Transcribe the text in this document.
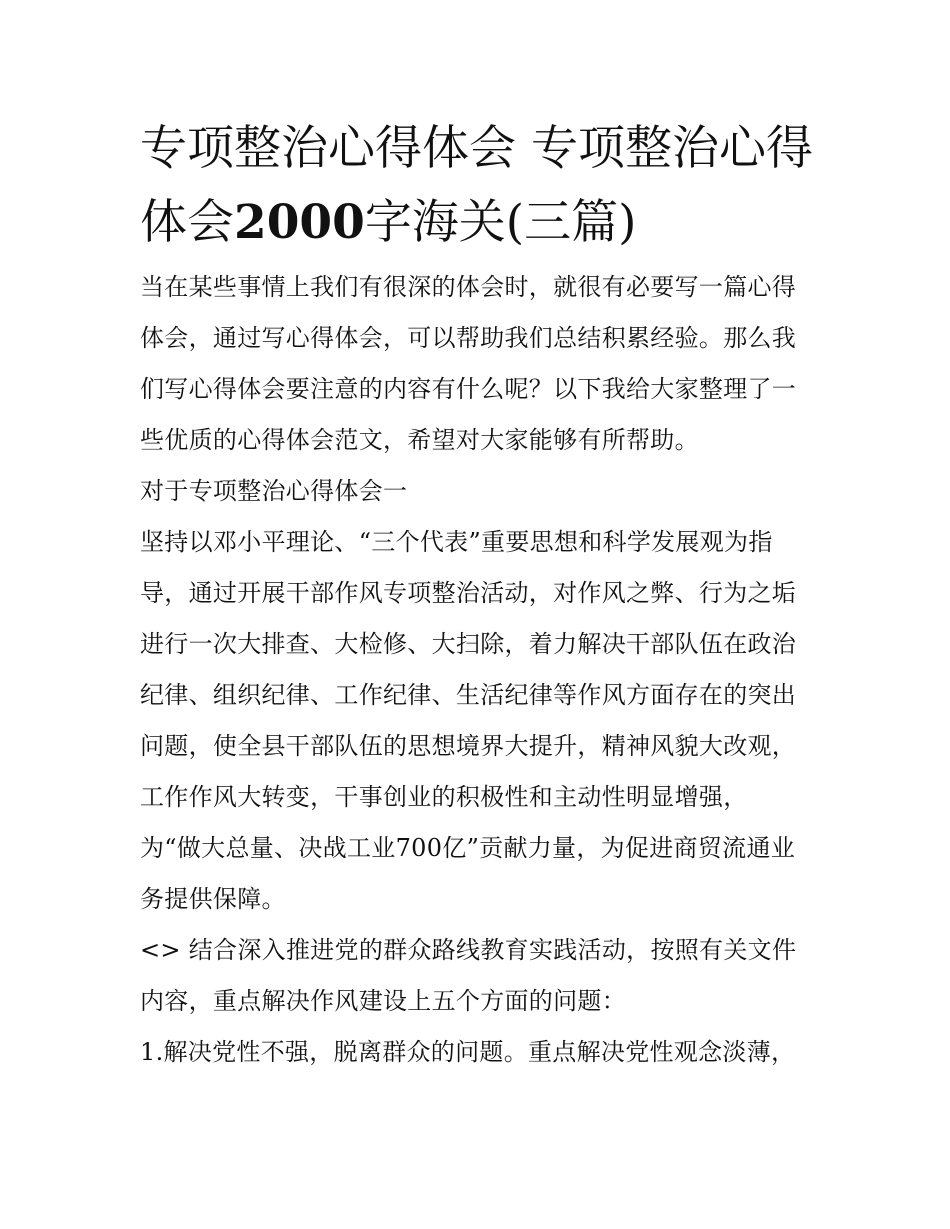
专项整治心得体会 专项整治心得体会2000字海关(三篇)

当在某些事情上我们有很深的体会时，就很有必要写一篇心得体会，通过写心得体会，可以帮助我们总结积累经验。那么我们写心得体会要注意的内容有什么呢？以下我给大家整理了一些优质的心得体会范文，希望对大家能够有所帮助。

对于专项整治心得体会一

坚持以邓小平理论、“三个代表”重要思想和科学发展观为指导，通过开展干部作风专项整治活动，对作风之弊、行为之垢进行一次大排查、大检修、大扫除，着力解决干部队伍在政治纪律、组织纪律、工作纪律、生活纪律等作风方面存在的突出问题，使全县干部队伍的思想境界大提升，精神风貌大改观，工作作风大转变，干事创业的积极性和主动性明显增强，

为“做大总量、决战工业700亿”贡献力量，为促进商贸流通业务提供保障。

<> 结合深入推进党的群众路线教育实践活动，按照有关文件内容，重点解决作风建设上五个方面的问题：

1.解决党性不强，脱离群众的问题。重点解决党性观念淡薄，
